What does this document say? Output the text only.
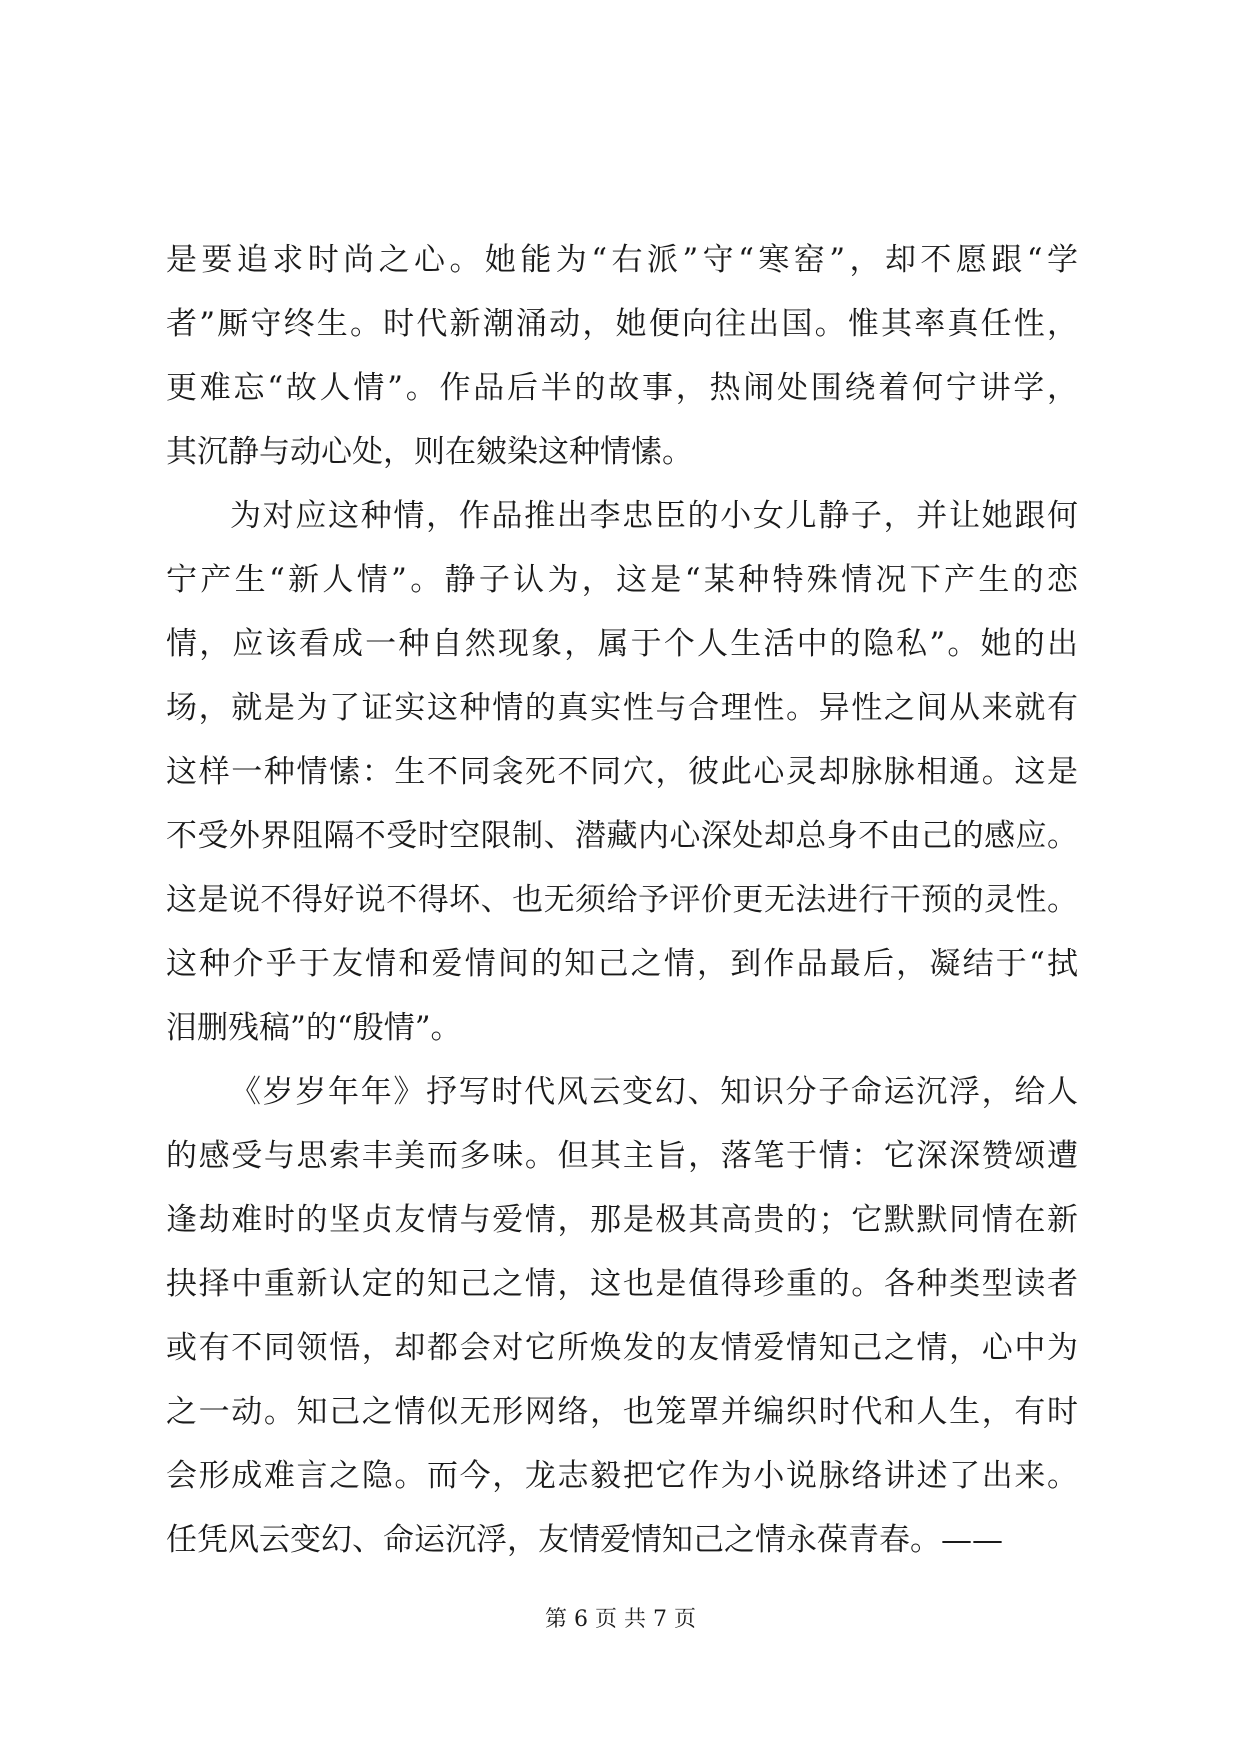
是要追求时尚之心。她能为“右派”守“寒窑”，却不愿跟“学
者”厮守终生。时代新潮涌动，她便向往出国。惟其率真任性，
更难忘“故人情”。作品后半的故事，热闹处围绕着何宁讲学，
其沉静与动心处，则在皴染这种情愫。
为对应这种情，作品推出李忠臣的小女儿静子，并让她跟何
宁产生“新人情”。静子认为，这是“某种特殊情况下产生的恋
情，应该看成一种自然现象，属于个人生活中的隐私”。她的出
场，就是为了证实这种情的真实性与合理性。异性之间从来就有
这样一种情愫：生不同衾死不同穴，彼此心灵却脉脉相通。这是
不受外界阻隔不受时空限制、潜藏内心深处却总身不由己的感应。
这是说不得好说不得坏、也无须给予评价更无法进行干预的灵性。
这种介乎于友情和爱情间的知己之情，到作品最后，凝结于“拭
泪删残稿”的“殷情”。
《岁岁年年》抒写时代风云变幻、知识分子命运沉浮，给人
的感受与思索丰美而多味。但其主旨，落笔于情：它深深赞颂遭
逢劫难时的坚贞友情与爱情，那是极其高贵的；它默默同情在新
抉择中重新认定的知己之情，这也是值得珍重的。各种类型读者
或有不同领悟，却都会对它所焕发的友情爱情知己之情，心中为
之一动。知己之情似无形网络，也笼罩并编织时代和人生，有时
会形成难言之隐。而今，龙志毅把它作为小说脉络讲述了出来。
任凭风云变幻、命运沉浮，友情爱情知己之情永葆青春。——
第 6 页 共 7 页
